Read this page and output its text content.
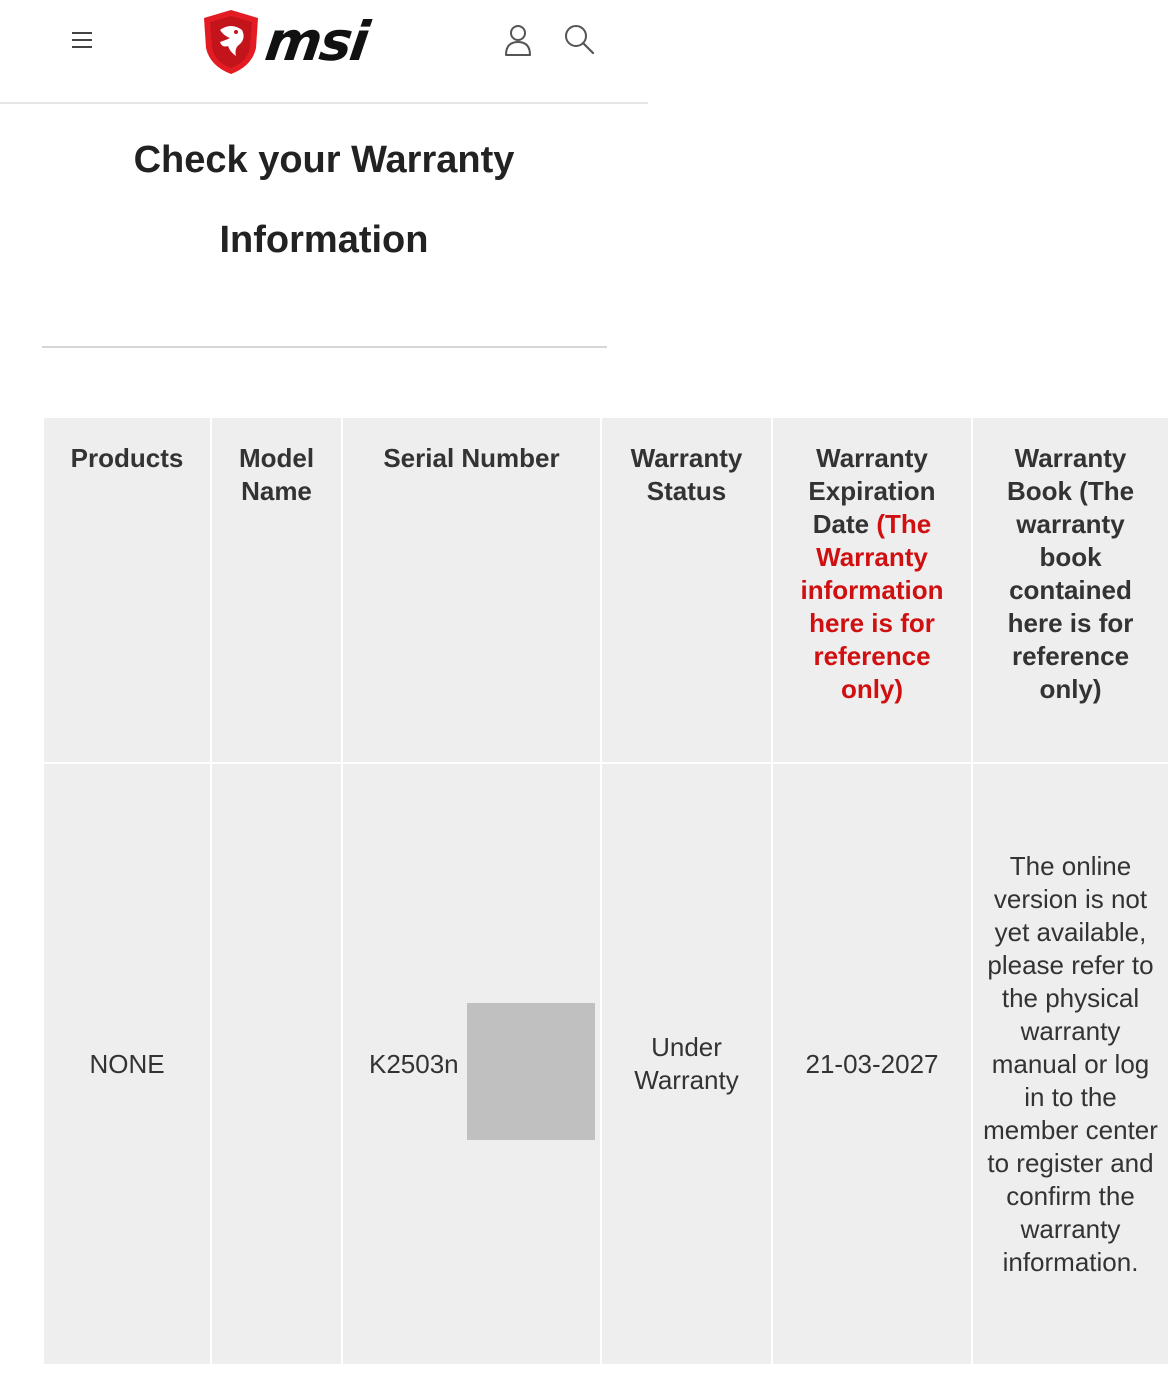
msi
Check your Warranty
Information
Products	Model Name	Serial Number	Warranty Status	Warranty Expiration Date (The Warranty information here is for reference only)	Warranty Book (The warranty book contained here is for reference only)
NONE		K2503n	Under Warranty	21-03-2027	The online version is not yet available, please refer to the physical warranty manual or log in to the member center to register and confirm the warranty information.
